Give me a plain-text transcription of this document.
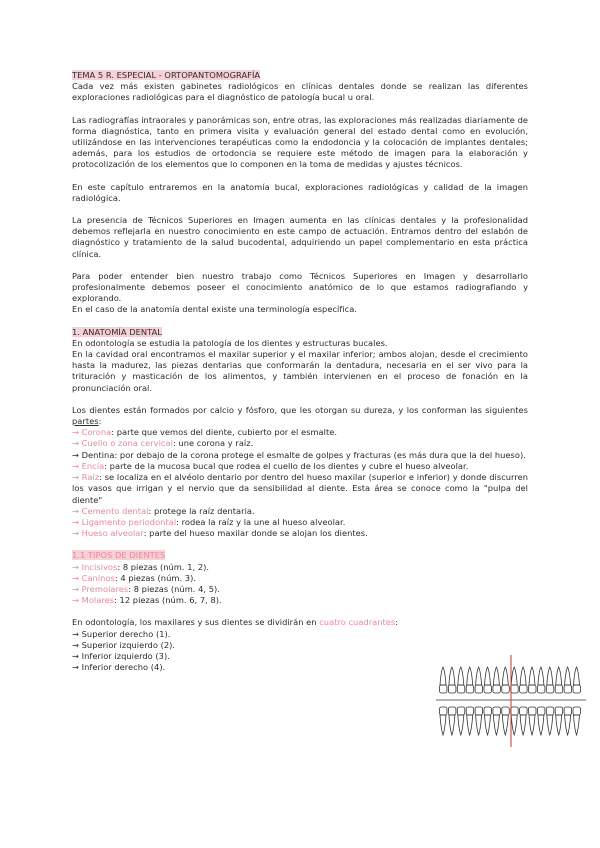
TEMA 5 R. ESPECIAL - ORTOPANTOMOGRAFÍA

Cada vez más existen gabinetes radiológicos en clínicas dentales donde se realizan las diferentes exploraciones radiológicas para el diagnóstico de patología bucal u oral.

Las radiografías intraorales y panorámicas son, entre otras, las exploraciones más realizadas diariamente de forma diagnóstica, tanto en primera visita y evaluación general del estado dental como en evolución, utilizándose en las intervenciones terapéuticas como la endodoncia y la colocación de implantes dentales; además, para los estudios de ortodoncia se requiere este método de imagen para la elaboración y protocolización de los elementos que lo componen en la toma de medidas y ajustes técnicos.

En este capítulo entraremos en la anatomía bucal, exploraciones radiológicas y calidad de la imagen radiológica.

La presencia de Técnicos Superiores en Imagen aumenta en las clínicas dentales y la profesionalidad debemos reflejarla en nuestro conocimiento en este campo de actuación. Entramos dentro del eslabón de diagnóstico y tratamiento de la salud bucodental, adquiriendo un papel complementario en esta práctica clínica.

Para poder entender bien nuestro trabajo como Técnicos Superiores en Imagen y desarrollarlo profesionalmente debemos poseer el conocimiento anatómico de lo que estamos radiografiando y explorando.

En el caso de la anatomía dental existe una terminología específica.

1. ANATOMÍA DENTAL

En odontología se estudia la patología de los dientes y estructuras bucales.

En la cavidad oral encontramos el maxilar superior y el maxilar inferior; ambos alojan, desde el crecimiento hasta la madurez, las piezas dentarias que conformarán la dentadura, necesaria en el ser vivo para la trituración y masticación de los alimentos, y también intervienen en el proceso de fonación en la pronunciación oral.

Los dientes están formados por calcio y fósforo, que les otorgan su dureza, y los conforman las siguientes partes:

→ Corona: parte que vemos del diente, cubierto por el esmalte.

→ Cuello o zona cervical: une corona y raíz.

→ Dentina: por debajo de la corona protege el esmalte de golpes y fracturas (es más dura que la del hueso).

→ Encía: parte de la mucosa bucal que rodea el cuello de los dientes y cubre el hueso alveolar.

→ Raíz: se localiza en el alvéolo dentario por dentro del hueso maxilar (superior e inferior) y donde discurren los vasos que irrigan y el nervio que da sensibilidad al diente. Esta área se conoce como la "pulpa del diente"

→ Cemento dental: protege la raíz dentaria.

→ Ligamento periodontal: rodea la raíz y la une al hueso alveolar.

→ Hueso alveolar: parte del hueso maxilar donde se alojan los dientes.

1.1 TIPOS DE DIENTES

→ Incisivos: 8 piezas (núm. 1, 2).

→ Caninos: 4 piezas (núm. 3).

→ Premolares: 8 piezas (núm. 4, 5).

→ Molares: 12 piezas (núm. 6, 7, 8).

En odontología, los maxilares y sus dientes se dividirán en cuatro cuadrantes:

→ Superior derecho (1).

→ Superior izquierdo (2).

→ Inferior izquierdo (3).

→ Inferior derecho (4).
